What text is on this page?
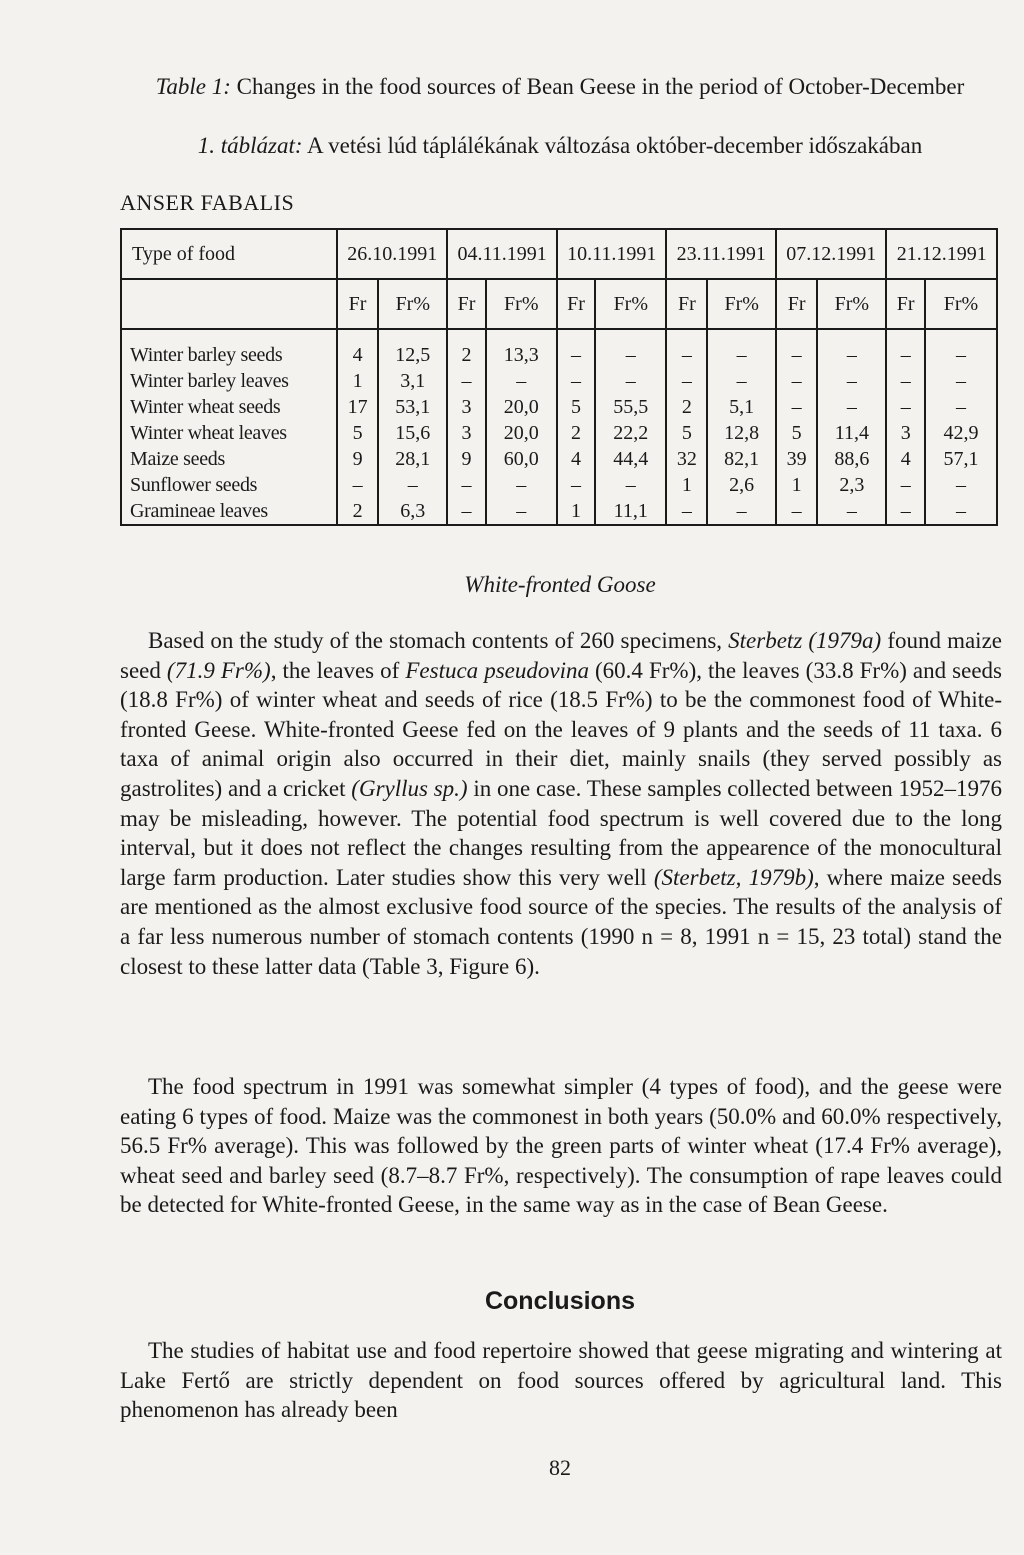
Table 1: Changes in the food sources of Bean Geese in the period of October-December
1. táblázat: A vetési lúd táplálékának változása október-december időszakában
ANSER FABALIS
Type of food	26.10.1991		04.11.1991		10.11.1991		23.11.1991		07.12.1991		21.12.1991	
	Fr	Fr%	Fr	Fr%	Fr	Fr%	Fr	Fr%	Fr	Fr%	Fr	Fr%
Winter barley seeds	4	12,5	2	13,3	–	–	–	–	–	–	–	–
Winter barley leaves	1	3,1	–	–	–	–	–	–	–	–	–	–
Winter wheat seeds	17	53,1	3	20,0	5	55,5	2	5,1	–	–	–	–
Winter wheat leaves	5	15,6	3	20,0	2	22,2	5	12,8	5	11,4	3	42,9
Maize seeds	9	28,1	9	60,0	4	44,4	32	82,1	39	88,6	4	57,1
Sunflower seeds	–	–	–	–	–	–	1	2,6	1	2,3	–	–
Gramineae leaves	2	6,3	–	–	1	11,1	–	–	–	–	–	–
White-fronted Goose
Based on the study of the stomach contents of 260 specimens, Sterbetz (1979a) found maize seed (71.9 Fr%), the leaves of Festuca pseudovina (60.4 Fr%), the leaves (33.8 Fr%) and seeds (18.8 Fr%) of winter wheat and seeds of rice (18.5 Fr%) to be the commonest food of White-fronted Geese. White-fronted Geese fed on the leaves of 9 plants and the seeds of 11 taxa. 6 taxa of animal origin also occurred in their diet, mainly snails (they served possibly as gastrolites) and a cricket (Gryllus sp.) in one case. These samples collected between 1952–1976 may be misleading, however. The potential food spectrum is well covered due to the long interval, but it does not reflect the changes resulting from the appearence of the monocultural large farm production. Later studies show this very well (Sterbetz, 1979b), where maize seeds are mentioned as the almost exclusive food source of the species. The results of the analysis of a far less numerous number of stomach contents (1990 n = 8, 1991 n = 15, 23 total) stand the closest to these latter data (Table 3, Figure 6).
The food spectrum in 1991 was somewhat simpler (4 types of food), and the geese were eating 6 types of food. Maize was the commonest in both years (50.0% and 60.0% respectively, 56.5 Fr% average). This was followed by the green parts of winter wheat (17.4 Fr% average), wheat seed and barley seed (8.7–8.7 Fr%, respectively). The consumption of rape leaves could be detected for White-fronted Geese, in the same way as in the case of Bean Geese.
Conclusions
The studies of habitat use and food repertoire showed that geese migrating and wintering at Lake Fertő are strictly dependent on food sources offered by agricultural land. This phenomenon has already been
82
